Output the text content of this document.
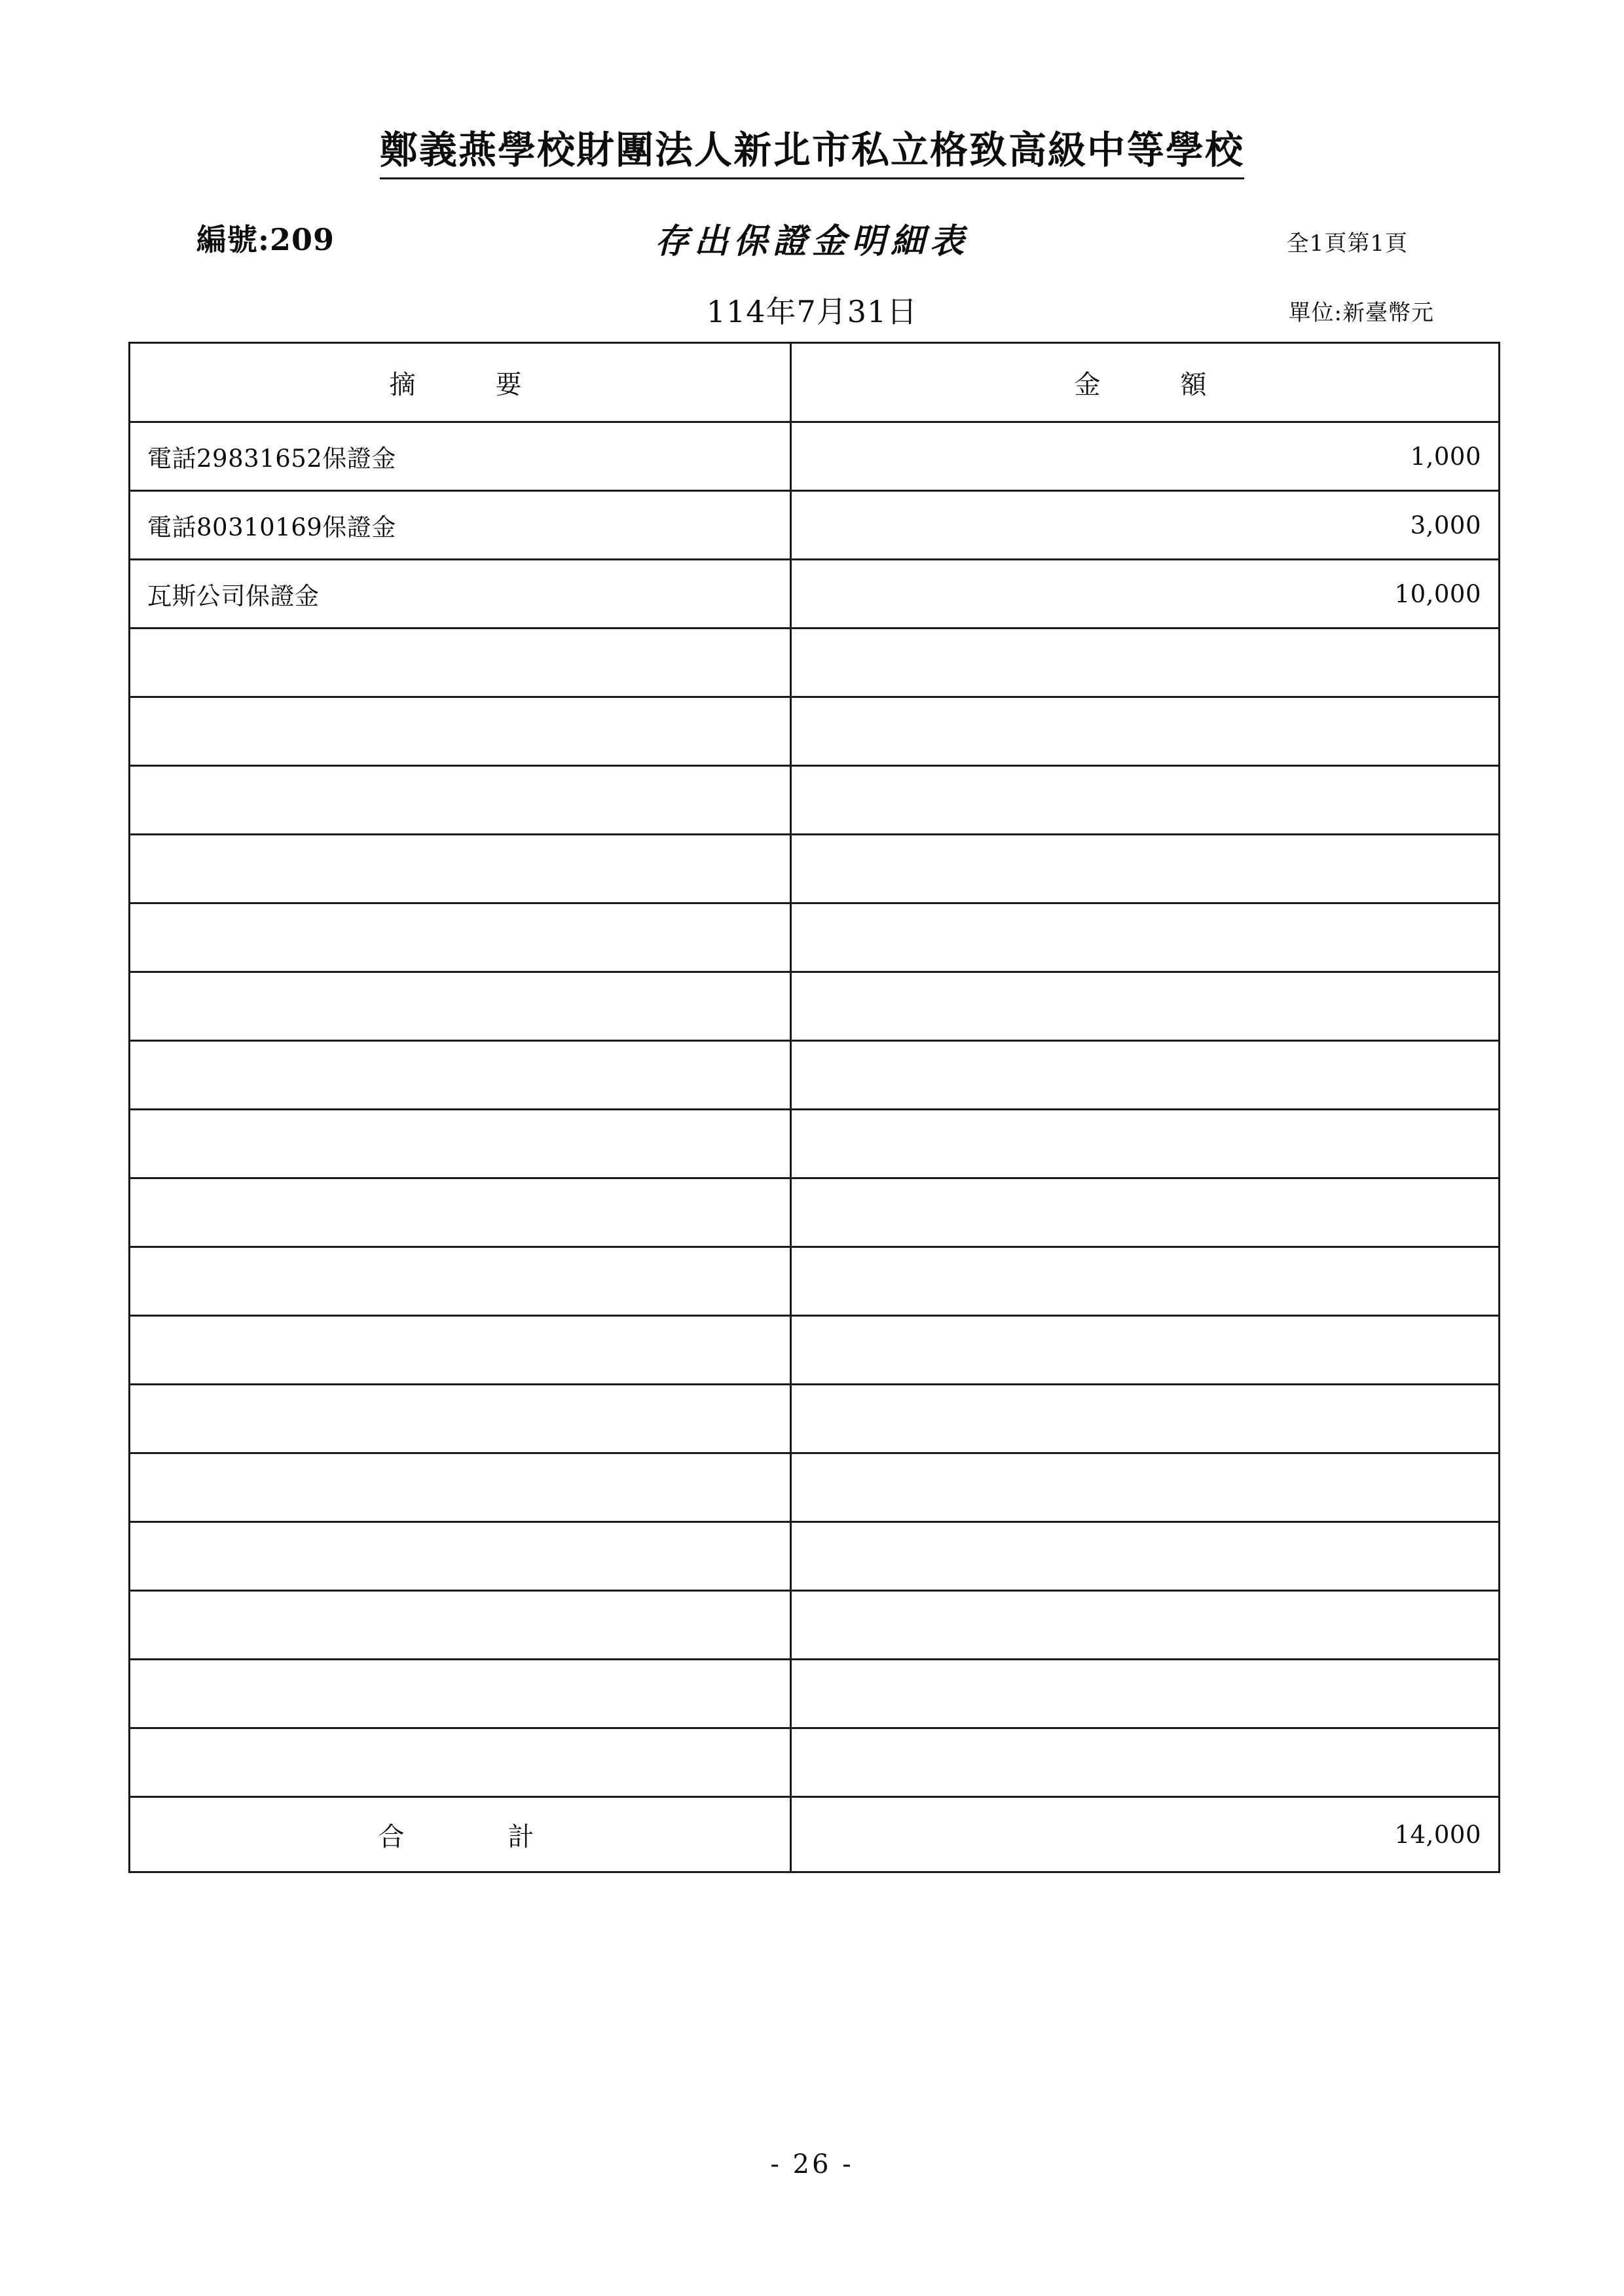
鄭義燕學校財團法人新北市私立格致高級中等學校
編號:209	存出保證金明細表	全1頁第1頁
114年7月31日	單位:新臺幣元
摘　　要	金　　額
電話29831652保證金	1,000
電話80310169保證金	3,000
瓦斯公司保證金	10,000

合　　計	14,000
- 26 -
